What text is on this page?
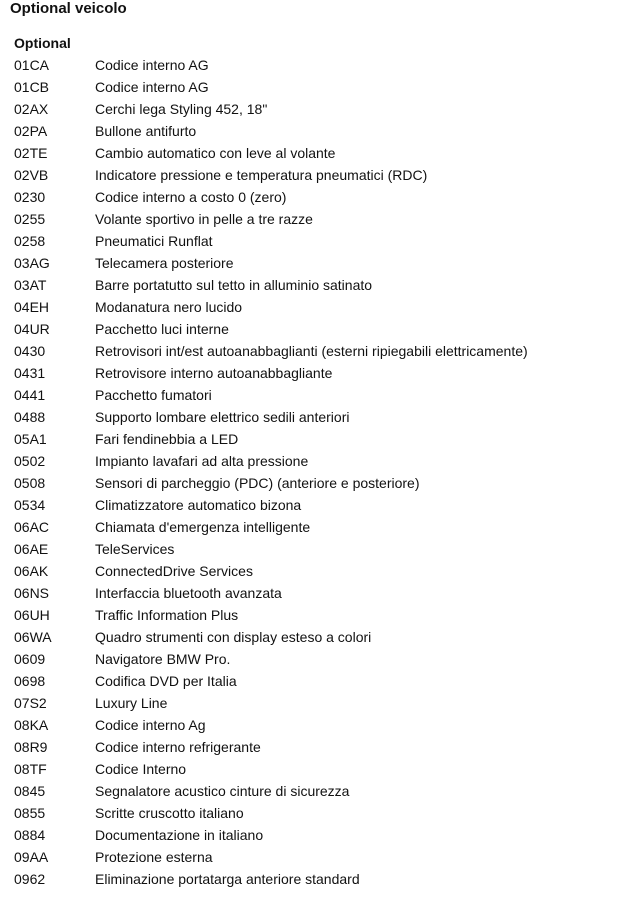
Optional veicolo
Optional
01CA	Codice interno AG
01CB	Codice interno AG
02AX	Cerchi lega Styling 452, 18"
02PA	Bullone antifurto
02TE	Cambio automatico con leve al volante
02VB	Indicatore pressione e temperatura pneumatici (RDC)
0230	Codice interno a costo 0 (zero)
0255	Volante sportivo in pelle a tre razze
0258	Pneumatici Runflat
03AG	Telecamera posteriore
03AT	Barre portatutto sul tetto in alluminio satinato
04EH	Modanatura nero lucido
04UR	Pacchetto luci interne
0430	Retrovisori int/est autoanabbaglianti (esterni ripiegabili elettricamente)
0431	Retrovisore interno autoanabbagliante
0441	Pacchetto fumatori
0488	Supporto lombare elettrico sedili anteriori
05A1	Fari fendinebbia a LED
0502	Impianto lavafari ad alta pressione
0508	Sensori di parcheggio (PDC) (anteriore e posteriore)
0534	Climatizzatore automatico bizona
06AC	Chiamata d'emergenza intelligente
06AE	TeleServices
06AK	ConnectedDrive Services
06NS	Interfaccia bluetooth avanzata
06UH	Traffic Information Plus
06WA	Quadro strumenti con display esteso a colori
0609	Navigatore BMW Pro.
0698	Codifica DVD per Italia
07S2	Luxury Line
08KA	Codice interno Ag
08R9	Codice interno refrigerante
08TF	Codice Interno
0845	Segnalatore acustico cinture di sicurezza
0855	Scritte cruscotto italiano
0884	Documentazione in italiano
09AA	Protezione esterna
0962	Eliminazione portatarga anteriore standard
